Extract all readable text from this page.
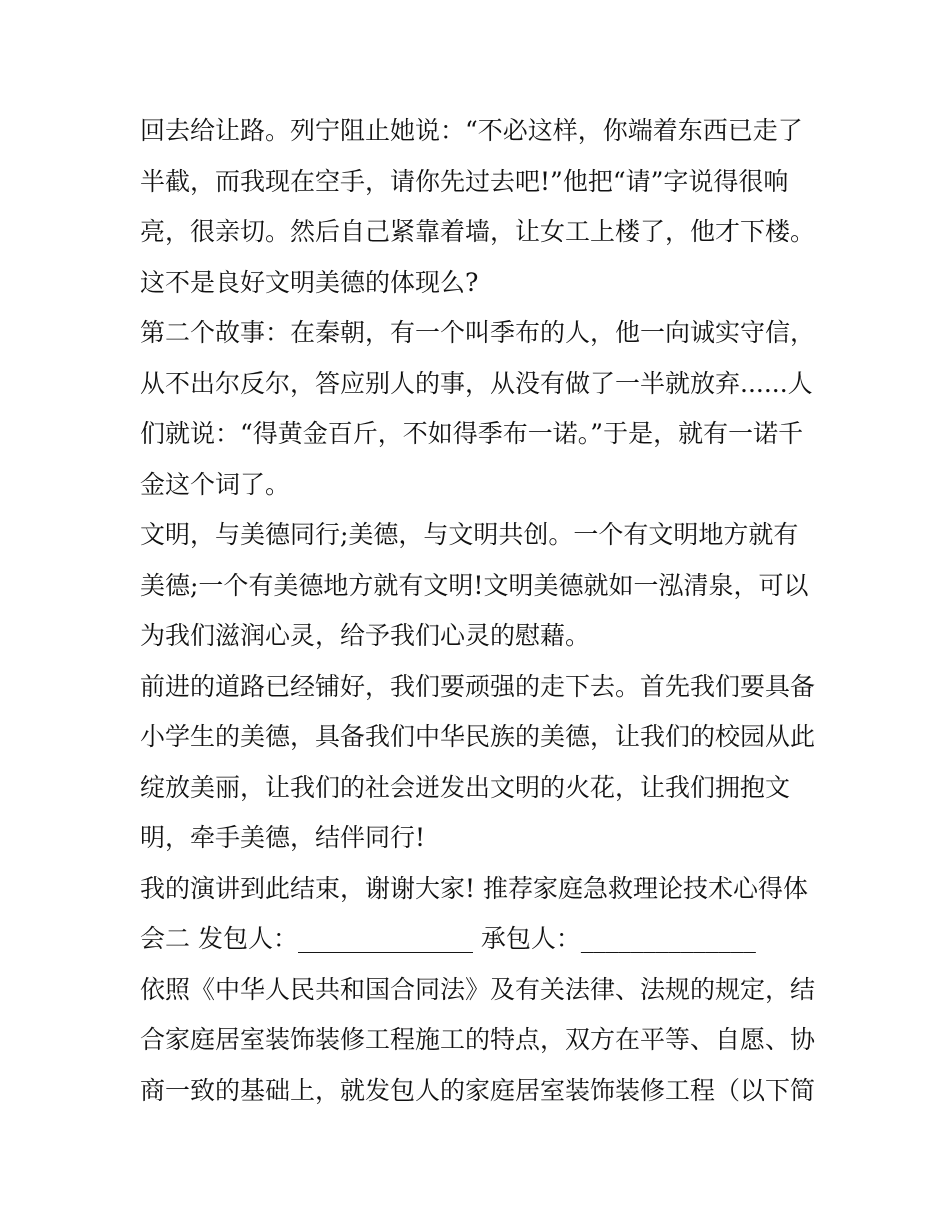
回去给让路。列宁阻止她说：“不必这样，你端着东西已走了
半截，而我现在空手，请你先过去吧!”他把“请”字说得很响
亮，很亲切。然后自己紧靠着墙，让女工上楼了，他才下楼。
这不是良好文明美德的体现么?
第二个故事：在秦朝，有一个叫季布的人，他一向诚实守信，
从不出尔反尔，答应别人的事，从没有做了一半就放弃......人
们就说：“得黄金百斤，不如得季布一诺。”于是，就有一诺千
金这个词了。
文明，与美德同行;美德，与文明共创。一个有文明地方就有
美德;一个有美德地方就有文明!文明美德就如一泓清泉，可以
为我们滋润心灵，给予我们心灵的慰藉。
前进的道路已经铺好，我们要顽强的走下去。首先我们要具备
小学生的美德，具备我们中华民族的美德，让我们的校园从此
绽放美丽，让我们的社会迸发出文明的火花，让我们拥抱文
明，牵手美德，结伴同行!
我的演讲到此结束，谢谢大家! 推荐家庭急救理论技术心得体
会二 发包人：______________ 承包人：______________
依照《中华人民共和国合同法》及有关法律、法规的规定，结
合家庭居室装饰装修工程施工的特点，双方在平等、自愿、协
商一致的基础上，就发包人的家庭居室装饰装修工程（以下简
